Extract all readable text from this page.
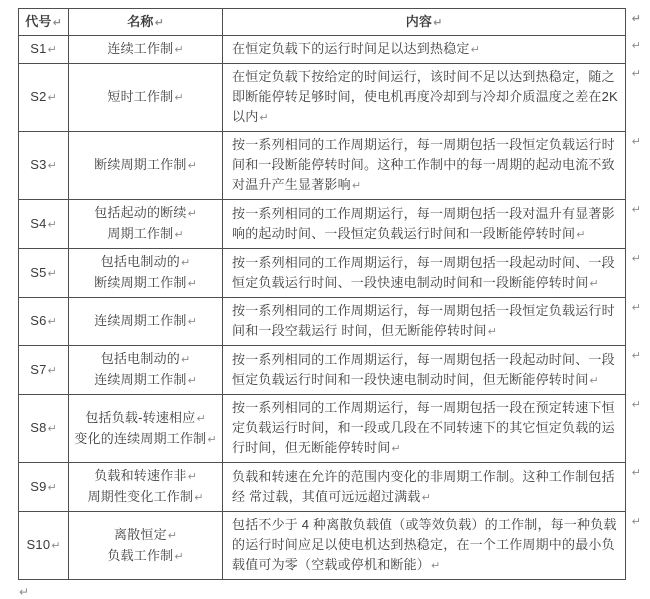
代号↵	名称↵	内容↵ ↵

S1↵	连续工作制↵	在恒定负载下的运行时间足以达到热稳定↵ ↵

S2↵	短时工作制↵	在恒定负载下按给定的时间运行，该时间不足以达到热稳定，随之即断能停转足够时间，使电机再度冷却到与冷却介质温度之差在2K 以内↵
↵

S3↵	断续周期工作制↵	按一系列相同的工作周期运行，每一周期包括一段恒定负载运行时间和一段断能停转时间。这种工作制中的每一周期的起动电流不致对温升产生显著影响↵
↵

S4↵	包括起动的断续↵
周期工作制↵	按一系列相同的工作周期运行，每一周期包括一段对温升有显著影响的起动时间、一段恒定负载运行时间和一段断能停转时间↵
↵

S5↵	包括电制动的↵
断续周期工作制↵	按一系列相同的工作周期运行，每一周期包括一段起动时间、一段恒定负载运行时间、一段快速电制动时间和一段断能停转时间↵
↵

S6↵	连续周期工作制↵	按一系列相同的工作周期运行，每一周期包括一段恒定负载运行时间和一段空载运行 时间，但无断能停转时间↵
↵

S7↵	包括电制动的↵
连续周期工作制↵	按一系列相同的工作周期运行，每一周期包括一段起动时间、一段恒定负载运行时间和一段快速电制动时间，但无断能停转时间↵
↵

S8↵	包括负载-转速相应↵
变化的连续周期工作制↵	按一系列相同的工作周期运行，每一周期包括一段在预定转速下恒定负载运行时间，和一段或几段在不同转速下的其它恒定负载的运行时间，但无断能停转时间↵
↵

S9↵	负载和转速作非↵
周期性变化工作制↵	负载和转速在允许的范围内变化的非周期工作制。这种工作制包括经 常过载，其值可远远超过满载↵
↵

S10↵	离散恒定↵
负载工作制↵	包括不少于 4 种离散负载值（或等效负载）的工作制，每一种负载的运行时间应足以使电机达到热稳定，在一个工作周期中的最小负载值可为零（空载或停机和断能）↵
↵
↵
